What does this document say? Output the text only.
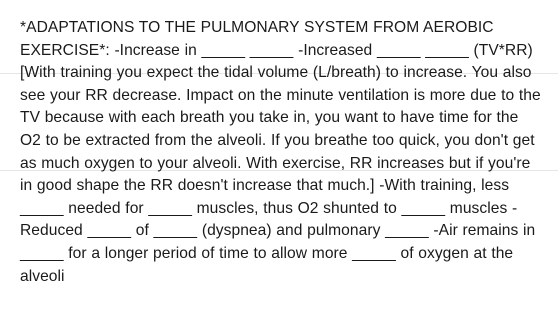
*ADAPTATIONS TO THE PULMONARY SYSTEM FROM AEROBIC EXERCISE*: -Increase in _____ _____ -Increased _____ _____ (TV*RR) [With training you expect the tidal volume (L/breath) to increase. You also see your RR decrease. Impact on the minute ventilation is more due to the TV because with each breath you take in, you want to have time for the O2 to be extracted from the alveoli. If you breathe too quick, you don't get as much oxygen to your alveoli. With exercise, RR increases but if you're in good shape the RR doesn't increase that much.] -With training, less _____ needed for _____ muscles, thus O2 shunted to _____ muscles -Reduced _____ of _____ (dyspnea) and pulmonary _____ -Air remains in _____ for a longer period of time to allow more _____ of oxygen at the alveoli
